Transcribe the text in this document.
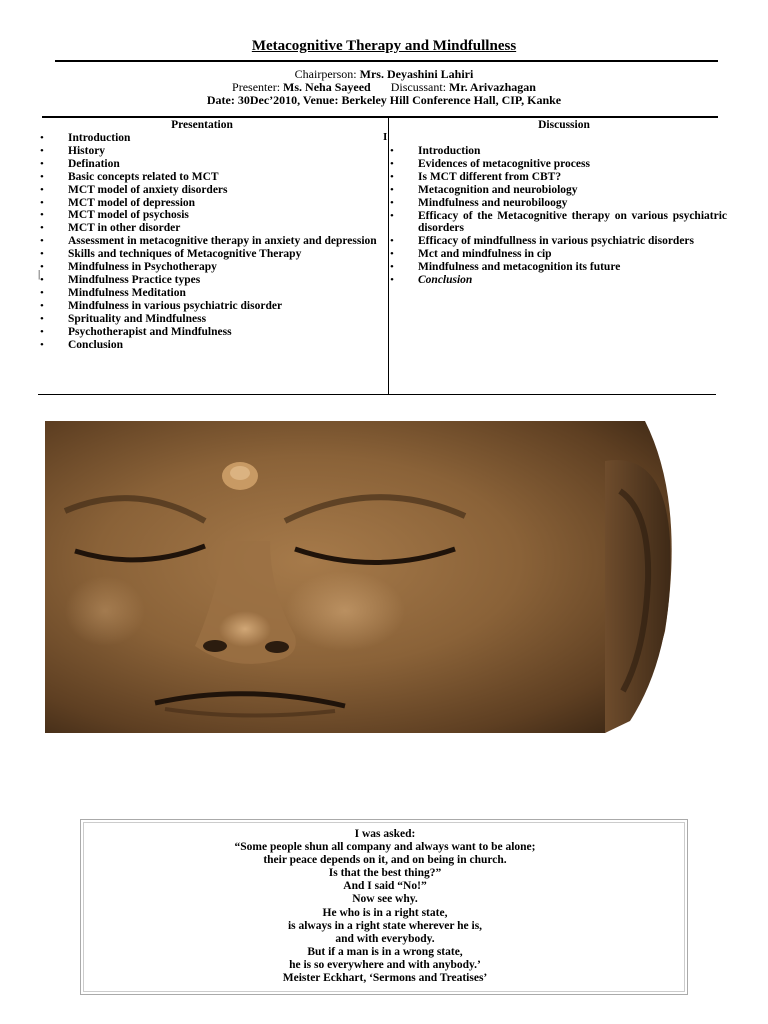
Metacognitive Therapy and Mindfullness
Chairperson: Mrs. Deyashini Lahiri
Presenter: Ms. Neha Sayeed Discussant: Mr. Arivazhagan
Date: 30Dec’2010, Venue: Berkeley Hill Conference Hall, CIP, Kanke
I
|
Presentation	Discussion
• Introduction
• History
• Defination
• Basic concepts related to MCT
• MCT model of anxiety disorders
• MCT model of depression
• MCT model of psychosis
• MCT in other disorder
• Assessment in metacognitive therapy in anxiety and depression
• Skills and techniques of Metacognitive Therapy
• Mindfulness in Psychotherapy
• Mindfulness Practice types
• Mindfulness Meditation
• Mindfulness in various psychiatric disorder
• Sprituality and Mindfulness
• Psychotherapist and Mindfulness
• Conclusion
• Introduction
• Evidences of metacognitive process
• Is MCT different from CBT?
• Metacognition and neurobiology
• Mindfulness and neurobiloogy
• Efficacy of the Metacognitive therapy on various psychiatric disorders
• Efficacy of mindfullness in various psychiatric disorders
• Mct and mindfulness in cip
• Mindfulness and metacognition its future
• Conclusion
I was asked:
“Some people shun all company and always want to be alone;
their peace depends on it, and on being in church.
Is that the best thing?”
And I said “No!”
Now see why.
He who is in a right state,
is always in a right state wherever he is,
and with everybody.
But if a man is in a wrong state,
he is so everywhere and with anybody.’
Meister Eckhart, ‘Sermons and Treatises’
